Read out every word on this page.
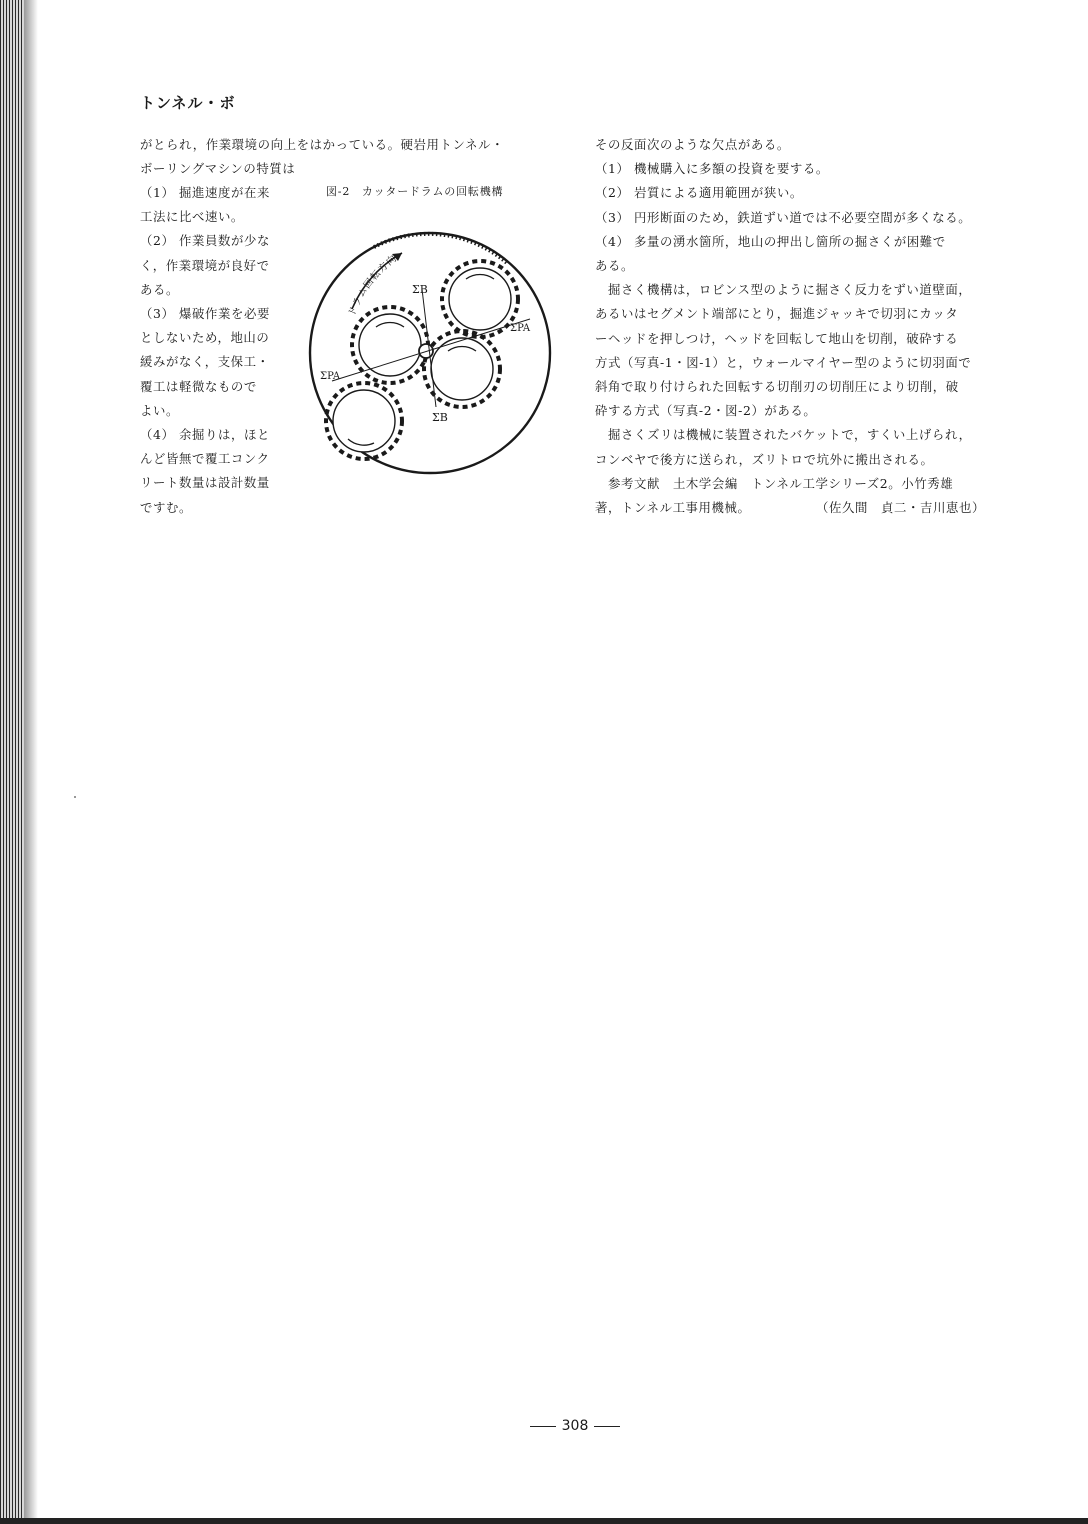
トンネル・ボ

がとられ，作業環境の向上をはかっている。硬岩用トンネル・

ボーリングマシンの特質は

（1） 掘進速度が在来

工法に比べ速い。

（2） 作業員数が少な

く，作業環境が良好で

ある。

（3） 爆破作業を必要

としないため，地山の

緩みがなく，支保工・

覆工は軽微なもので

よい。

（4） 余掘りは，ほと

んど皆無で覆工コンク

リート数量は設計数量

ですむ。

図-2　カッタードラムの回転機構

ドラム回転方向
ΣB
ΣB
ΣPA
ΣPA

その反面次のような欠点がある。

（1） 機械購入に多額の投資を要する。

（2） 岩質による適用範囲が狭い。

（3） 円形断面のため，鉄道ずい道では不必要空間が多くなる。

（4） 多量の湧水箇所，地山の押出し箇所の掘さくが困難で

ある。

　掘さく機構は，ロビンス型のように掘さく反力をずい道壁面，

あるいはセグメント端部にとり，掘進ジャッキで切羽にカッタ

ーヘッドを押しつけ，ヘッドを回転して地山を切削，破砕する

方式（写真-1・図-1）と，ウォールマイヤー型のように切羽面で

斜角で取り付けられた回転する切削刃の切削圧により切削，破

砕する方式（写真-2・図-2）がある。

　掘さくズリは機械に装置されたバケットで，すくい上げられ，

コンベヤで後方に送られ，ズリトロで坑外に搬出される。

　参考文献　土木学会編　トンネル工学シリーズ2。小竹秀雄

著，トンネル工事用機械。　　　　　　（佐久間　貞二・吉川恵也）

308
